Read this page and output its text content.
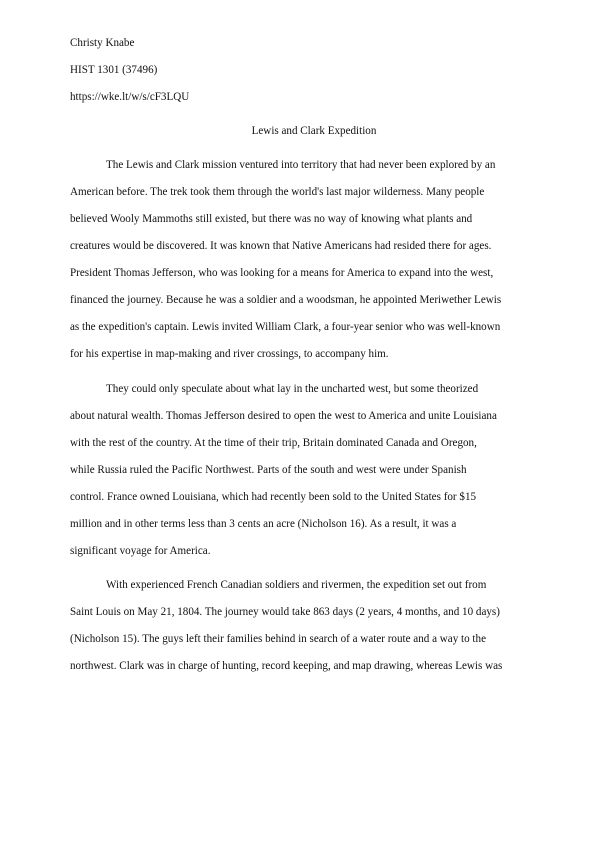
Christy Knabe

HIST 1301 (37496)

https://wke.lt/w/s/cF3LQU

Lewis and Clark Expedition

The Lewis and Clark mission ventured into territory that had never been explored by an

American before. The trek took them through the world's last major wilderness. Many people

believed Wooly Mammoths still existed, but there was no way of knowing what plants and

creatures would be discovered. It was known that Native Americans had resided there for ages.

President Thomas Jefferson, who was looking for a means for America to expand into the west,

financed the journey. Because he was a soldier and a woodsman, he appointed Meriwether Lewis

as the expedition's captain. Lewis invited William Clark, a four-year senior who was well-known

for his expertise in map-making and river crossings, to accompany him.

They could only speculate about what lay in the uncharted west, but some theorized

about natural wealth. Thomas Jefferson desired to open the west to America and unite Louisiana

with the rest of the country. At the time of their trip, Britain dominated Canada and Oregon,

while Russia ruled the Pacific Northwest. Parts of the south and west were under Spanish

control. France owned Louisiana, which had recently been sold to the United States for $15

million and in other terms less than 3 cents an acre (Nicholson 16). As a result, it was a

significant voyage for America.

With experienced French Canadian soldiers and rivermen, the expedition set out from

Saint Louis on May 21, 1804. The journey would take 863 days (2 years, 4 months, and 10 days)

(Nicholson 15). The guys left their families behind in search of a water route and a way to the

northwest. Clark was in charge of hunting, record keeping, and map drawing, whereas Lewis was
